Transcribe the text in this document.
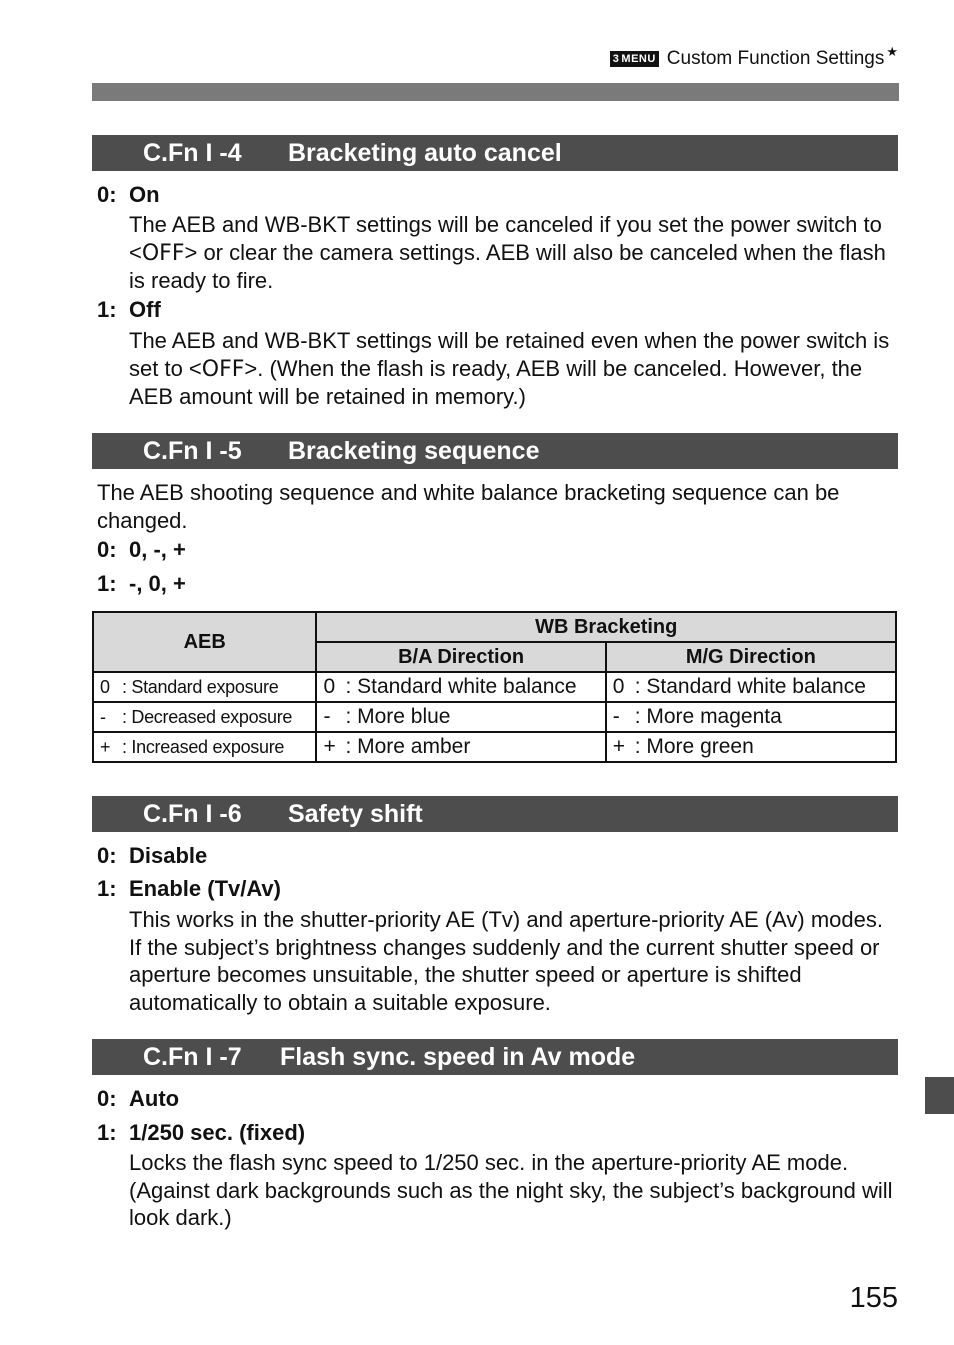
3 MENU Custom Function Settings ★
C.Fn I -4 Bracketing auto cancel
0: On
The AEB and WB-BKT settings will be canceled if you set the power switch to <OFF> or clear the camera settings. AEB will also be canceled when the flash is ready to fire.
1: Off
The AEB and WB-BKT settings will be retained even when the power switch is set to <OFF>. (When the flash is ready, AEB will be canceled. However, the AEB amount will be retained in memory.)
C.Fn I -5 Bracketing sequence
The AEB shooting sequence and white balance bracketing sequence can be changed.
0: 0, -, +
1: -, 0, +
AEB	WB Bracketing	
	B/A Direction	M/G Direction
0 : Standard exposure	0 : Standard white balance	0 : Standard white balance
- : Decreased exposure	- : More blue	- : More magenta
+ : Increased exposure	+ : More amber	+ : More green
C.Fn I -6 Safety shift
0: Disable
1: Enable (Tv/Av)
This works in the shutter-priority AE (Tv) and aperture-priority AE (Av) modes. If the subject’s brightness changes suddenly and the current shutter speed or aperture becomes unsuitable, the shutter speed or aperture is shifted automatically to obtain a suitable exposure.
C.Fn I -7 Flash sync. speed in Av mode
0: Auto
1: 1/250 sec. (fixed)
Locks the flash sync speed to 1/250 sec. in the aperture-priority AE mode. (Against dark backgrounds such as the night sky, the subject’s background will look dark.)
155
